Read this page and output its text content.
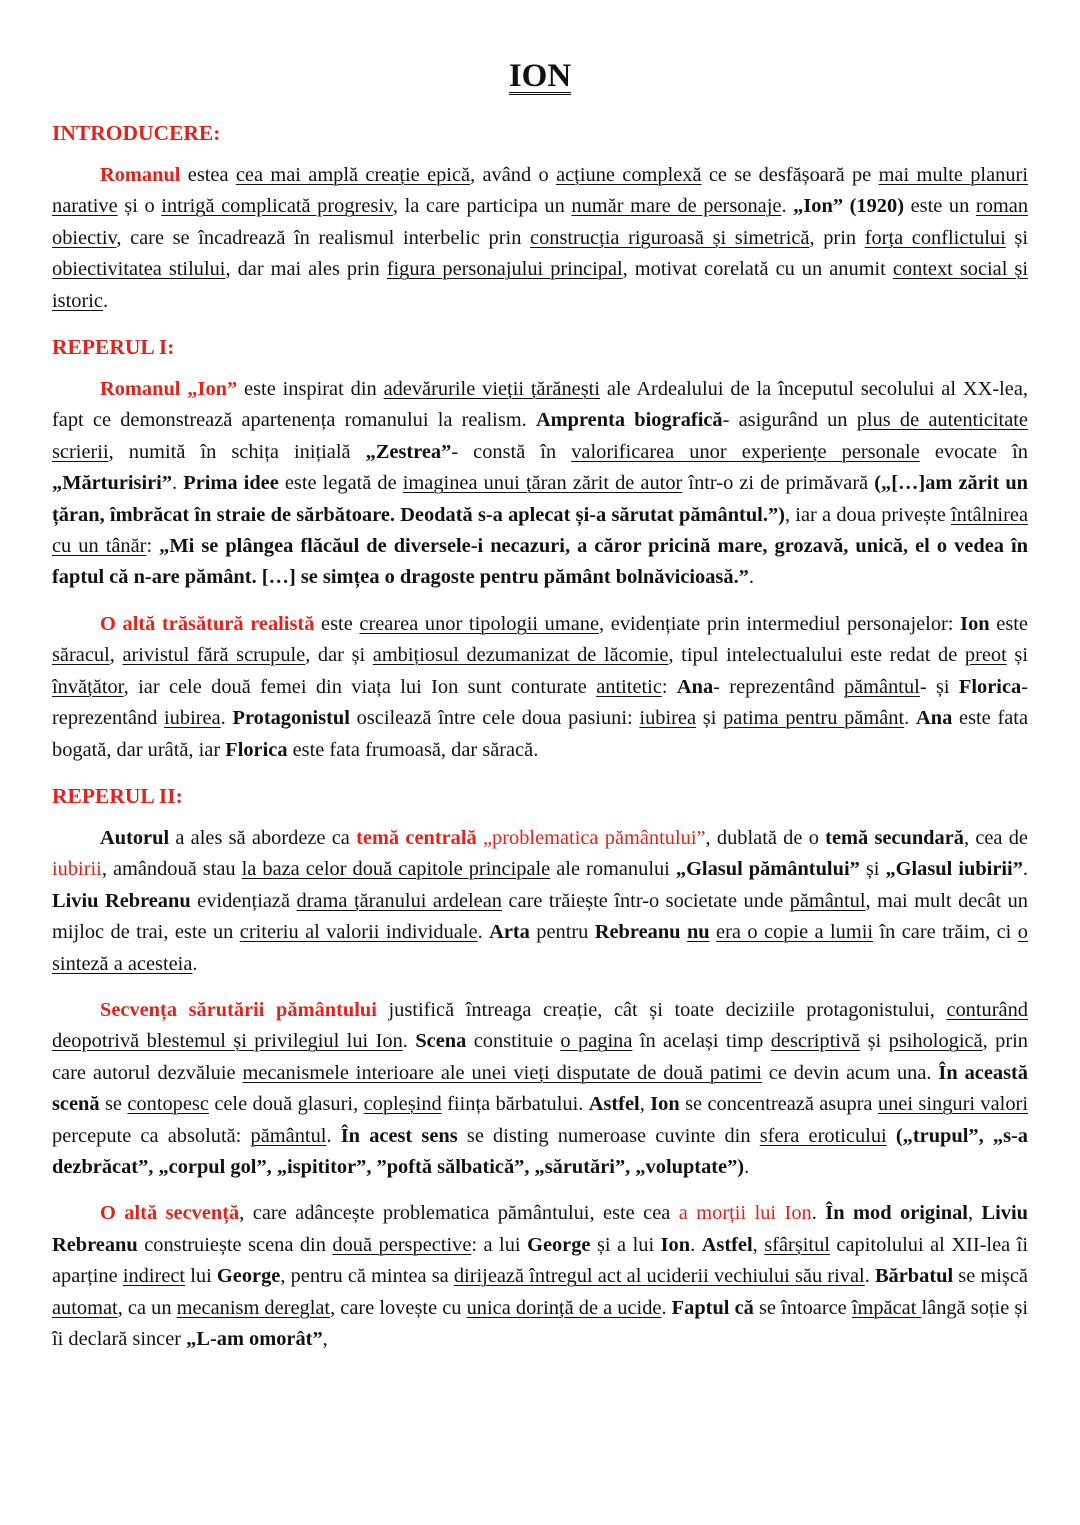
ION
INTRODUCERE:

Romanul estea cea mai amplă creație epică, având o acțiune complexă ce se desfășoară pe mai multe planuri narative și o intrigă complicată progresiv, la care participa un număr mare de personaje. „Ion” (1920) este un roman obiectiv, care se încadrează în realismul interbelic prin construcția riguroasă și simetrică, prin forța conflictului și obiectivitatea stilului, dar mai ales prin figura personajului principal, motivat corelată cu un anumit context social și istoric.

REPERUL I:

Romanul „Ion” este inspirat din adevărurile vieții țărănești ale Ardealului de la începutul secolului al XX-lea, fapt ce demonstrează apartenența romanului la realism. Amprenta biografică- asigurând un plus de autenticitate scrierii, numită în schița inițială „Zestrea”- constă în valorificarea unor experiențe personale evocate în „Mărturisiri”. Prima idee este legată de imaginea unui țăran zărit de autor într-o zi de primăvară („[…]am zărit un țăran, îmbrăcat în straie de sărbătoare. Deodată s-a aplecat și-a sărutat pământul.”), iar a doua privește întâlnirea cu un tânăr: „Mi se plângea flăcăul de diversele-i necazuri, a căror pricină mare, grozavă, unică, el o vedea în faptul că n-are pământ. […] se simțea o dragoste pentru pământ bolnăvicioasă.”.

O altă trăsătură realistă este crearea unor tipologii umane, evidențiate prin intermediul personajelor: Ion este săracul, arivistul fără scrupule, dar și ambițiosul dezumanizat de lăcomie, tipul intelectualului este redat de preot și învățător, iar cele două femei din viața lui Ion sunt conturate antitetic: Ana- reprezentând pământul- și Florica- reprezentând iubirea. Protagonistul oscilează între cele doua pasiuni: iubirea și patima pentru pământ. Ana este fata bogată, dar urâtă, iar Florica este fata frumoasă, dar săracă.

REPERUL II:

Autorul a ales să abordeze ca temă centrală „problematica pământului”, dublată de o temă secundară, cea de iubirii, amândouă stau la baza celor două capitole principale ale romanului „Glasul pământului” și „Glasul iubirii”. Liviu Rebreanu evidențiază drama țăranului ardelean care trăiește într-o societate unde pământul, mai mult decât un mijloc de trai, este un criteriu al valorii individuale. Arta pentru Rebreanu nu era o copie a lumii în care trăim, ci o sinteză a acesteia.

Secvența sărutării pământului justifică întreaga creație, cât și toate deciziile protagonistului, conturând deopotrivă blestemul și privilegiul lui Ion. Scena constituie o pagina în același timp descriptivă și psihologică, prin care autorul dezvăluie mecanismele interioare ale unei vieți disputate de două patimi ce devin acum una. În această scenă se contopesc cele două glasuri, copleșind ființa bărbatului. Astfel, Ion se concentrează asupra unei singuri valori percepute ca absolută: pământul. În acest sens se disting numeroase cuvinte din sfera eroticului („trupul”, „s-a dezbrăcat”, „corpul gol”, „ispititor”, ”poftă sălbatică”, „sărutări”, „voluptate”).

O altă secvență, care adâncește problematica pământului, este cea a morții lui Ion. În mod original, Liviu Rebreanu construiește scena din două perspective: a lui George și a lui Ion. Astfel, sfârșitul capitolului al XII-lea îi aparține indirect lui George, pentru că mintea sa dirijează întregul act al uciderii vechiului său rival. Bărbatul se mișcă automat, ca un mecanism dereglat, care lovește cu unica dorință de a ucide. Faptul că se întoarce împăcat lângă soție și îi declară sincer „L-am omorât”,
